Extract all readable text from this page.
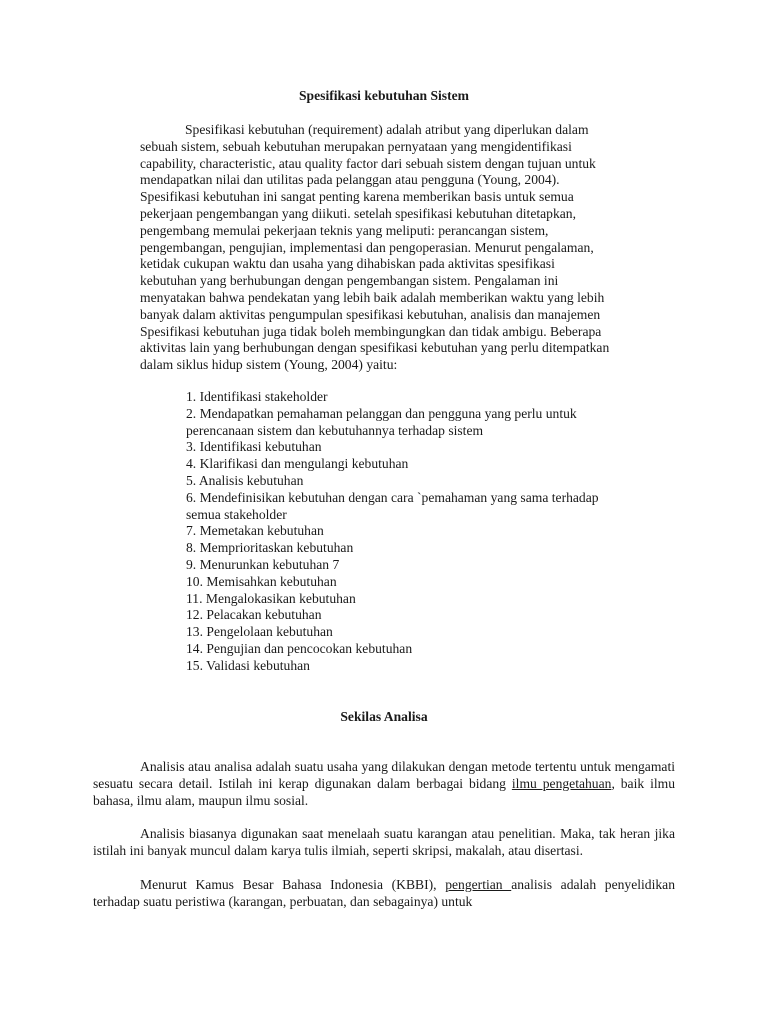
Spesifikasi kebutuhan Sistem

Spesifikasi kebutuhan (requirement) adalah atribut yang diperlukan dalam

sebuah sistem, sebuah kebutuhan merupakan pernyataan yang mengidentifikasi

capability, characteristic, atau quality factor dari sebuah sistem dengan tujuan untuk

mendapatkan nilai dan utilitas pada pelanggan atau pengguna (Young, 2004).

Spesifikasi kebutuhan ini sangat penting karena memberikan basis untuk semua

pekerjaan pengembangan yang diikuti. setelah spesifikasi kebutuhan ditetapkan,

pengembang memulai pekerjaan teknis yang meliputi: perancangan sistem,

pengembangan, pengujian, implementasi dan pengoperasian. Menurut pengalaman,

ketidak cukupan waktu dan usaha yang dihabiskan pada aktivitas spesifikasi

kebutuhan yang berhubungan dengan pengembangan sistem. Pengalaman ini

menyatakan bahwa pendekatan yang lebih baik adalah memberikan waktu yang lebih

banyak dalam aktivitas pengumpulan spesifikasi kebutuhan, analisis dan manajemen

Spesifikasi kebutuhan juga tidak boleh membingungkan dan tidak ambigu. Beberapa

aktivitas lain yang berhubungan dengan spesifikasi kebutuhan yang perlu ditempatkan

dalam siklus hidup sistem (Young, 2004) yaitu:

1. Identifikasi stakeholder
2. Mendapatkan pemahaman pelanggan dan pengguna yang perlu untuk
perencanaan sistem dan kebutuhannya terhadap sistem
3. Identifikasi kebutuhan
4. Klarifikasi dan mengulangi kebutuhan
5. Analisis kebutuhan
6. Mendefinisikan kebutuhan dengan cara `pemahaman yang sama terhadap
semua stakeholder
7. Memetakan kebutuhan
8. Memprioritaskan kebutuhan
9. Menurunkan kebutuhan 7
10. Memisahkan kebutuhan
11. Mengalokasikan kebutuhan
12. Pelacakan kebutuhan
13. Pengelolaan kebutuhan
14. Pengujian dan pencocokan kebutuhan
15. Validasi kebutuhan
Sekilas Analisa

Analisis atau analisa adalah suatu usaha yang dilakukan dengan metode tertentu untuk mengamati sesuatu secara detail. Istilah ini kerap digunakan dalam berbagai bidang ilmu pengetahuan, baik ilmu bahasa, ilmu alam, maupun ilmu sosial.

Analisis biasanya digunakan saat menelaah suatu karangan atau penelitian. Maka, tak heran jika istilah ini banyak muncul dalam karya tulis ilmiah, seperti skripsi, makalah, atau disertasi.

Menurut Kamus Besar Bahasa Indonesia (KBBI), pengertian analisis adalah penyelidikan terhadap suatu peristiwa (karangan, perbuatan, dan sebagainya) untuk
